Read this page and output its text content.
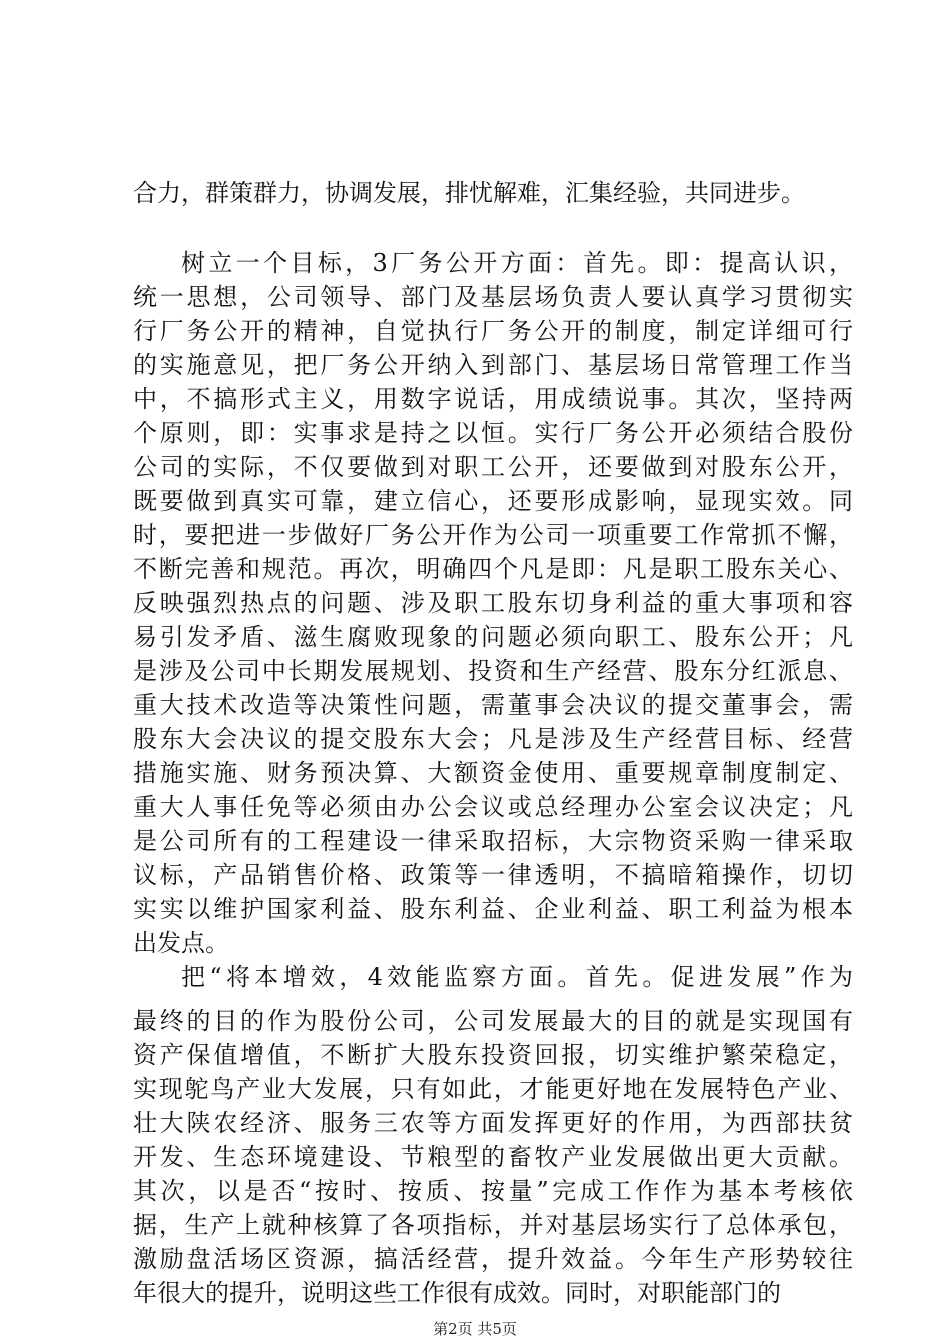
合力，群策群力，协调发展，排忧解难，汇集经验，共同进步。
树立一个目标，3厂务公开方面：首先。即：提高认识，
统一思想，公司领导、部门及基层场负责人要认真学习贯彻实
行厂务公开的精神，自觉执行厂务公开的制度，制定详细可行
的实施意见，把厂务公开纳入到部门、基层场日常管理工作当
中，不搞形式主义，用数字说话，用成绩说事。其次，坚持两
个原则，即：实事求是持之以恒。实行厂务公开必须结合股份
公司的实际，不仅要做到对职工公开，还要做到对股东公开，
既要做到真实可靠，建立信心，还要形成影响，显现实效。同
时，要把进一步做好厂务公开作为公司一项重要工作常抓不懈，
不断完善和规范。再次，明确四个凡是即：凡是职工股东关心、
反映强烈热点的问题、涉及职工股东切身利益的重大事项和容
易引发矛盾、滋生腐败现象的问题必须向职工、股东公开；凡
是涉及公司中长期发展规划、投资和生产经营、股东分红派息、
重大技术改造等决策性问题，需董事会决议的提交董事会，需
股东大会决议的提交股东大会；凡是涉及生产经营目标、经营
措施实施、财务预决算、大额资金使用、重要规章制度制定、
重大人事任免等必须由办公会议或总经理办公室会议决定；凡
是公司所有的工程建设一律采取招标，大宗物资采购一律采取
议标，产品销售价格、政策等一律透明，不搞暗箱操作，切切
实实以维护国家利益、股东利益、企业利益、职工利益为根本
出发点。
把“将本增效，4效能监察方面。首先。促进发展”作为
最终的目的作为股份公司，公司发展最大的目的就是实现国有
资产保值增值，不断扩大股东投资回报，切实维护繁荣稳定，
实现鸵鸟产业大发展，只有如此，才能更好地在发展特色产业、
壮大陕农经济、服务三农等方面发挥更好的作用，为西部扶贫
开发、生态环境建设、节粮型的畜牧产业发展做出更大贡献。
其次，以是否“按时、按质、按量”完成工作作为基本考核依
据，生产上就种核算了各项指标，并对基层场实行了总体承包，
激励盘活场区资源，搞活经营，提升效益。今年生产形势较往
年很大的提升，说明这些工作很有成效。同时，对职能部门的
第2页 共5页
